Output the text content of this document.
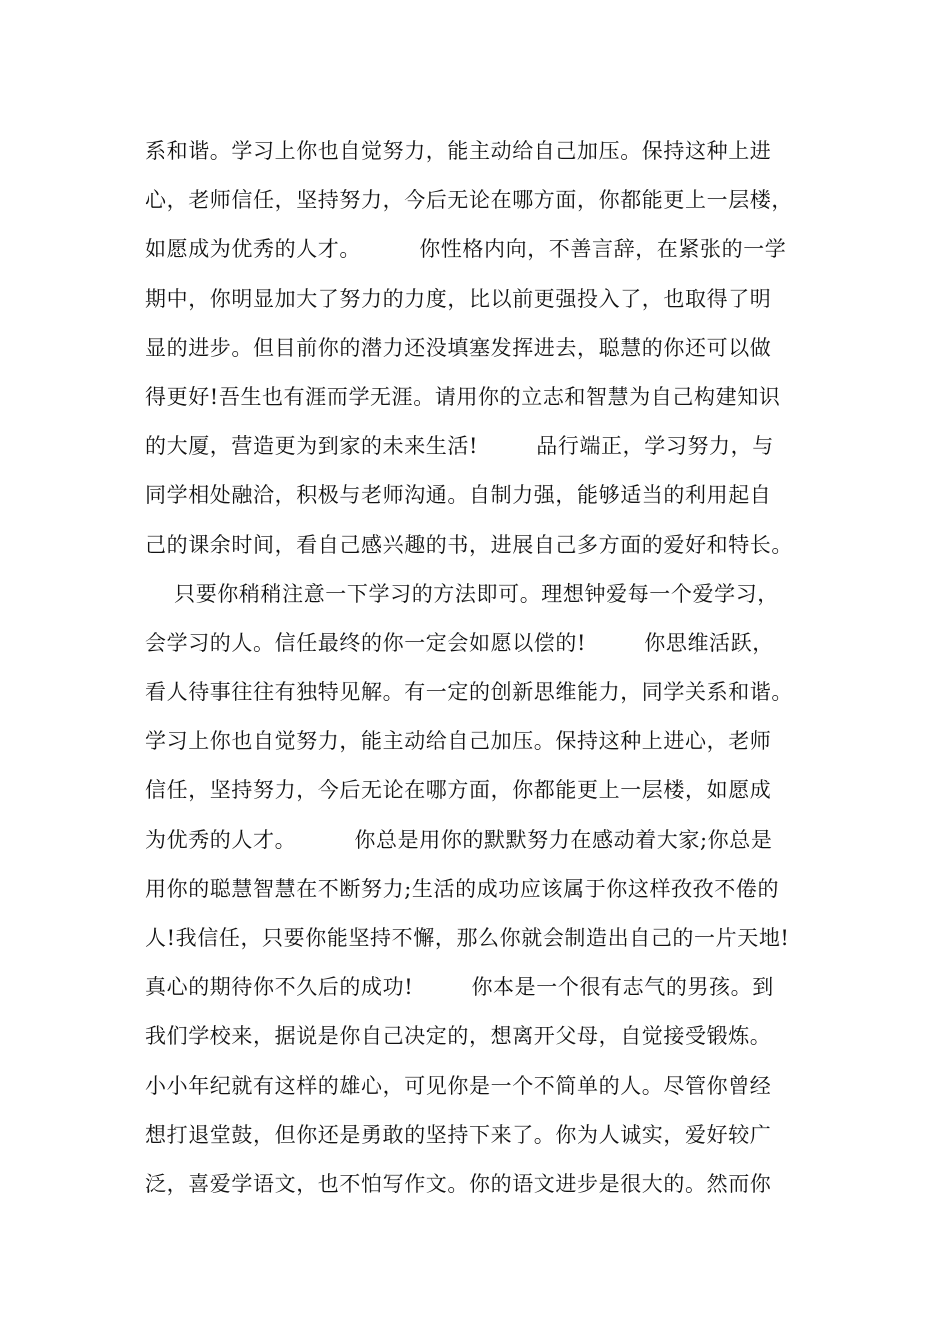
系和谐。学习上你也自觉努力，能主动给自己加压。保持这种上进
心，老师信任，坚持努力，今后无论在哪方面，你都能更上一层楼，
如愿成为优秀的人才。        你性格内向，不善言辞，在紧张的一学
期中，你明显加大了努力的力度，比以前更强投入了，也取得了明
显的进步。但目前你的潜力还没填塞发挥进去，聪慧的你还可以做
得更好!吾生也有涯而学无涯。请用你的立志和智慧为自己构建知识
的大厦，营造更为到家的未来生活!        品行端正，学习努力，与
同学相处融洽，积极与老师沟通。自制力强，能够适当的利用起自
己的课余时间，看自己感兴趣的书，进展自己多方面的爱好和特长。
只要你稍稍注意一下学习的方法即可。理想钟爱每一个爱学习，
会学习的人。信任最终的你一定会如愿以偿的!        你思维活跃，
看人待事往往有独特见解。有一定的创新思维能力，同学关系和谐。
学习上你也自觉努力，能主动给自己加压。保持这种上进心，老师
信任，坚持努力，今后无论在哪方面，你都能更上一层楼，如愿成
为优秀的人才。        你总是用你的默默努力在感动着大家;你总是
用你的聪慧智慧在不断努力;生活的成功应该属于你这样孜孜不倦的
人!我信任，只要你能坚持不懈，那么你就会制造出自己的一片天地!
真心的期待你不久后的成功!        你本是一个很有志气的男孩。到
我们学校来，据说是你自己决定的，想离开父母，自觉接受锻炼。
小小年纪就有这样的雄心，可见你是一个不简单的人。尽管你曾经
想打退堂鼓，但你还是勇敢的坚持下来了。你为人诚实，爱好较广
泛，喜爱学语文，也不怕写作文。你的语文进步是很大的。然而你
